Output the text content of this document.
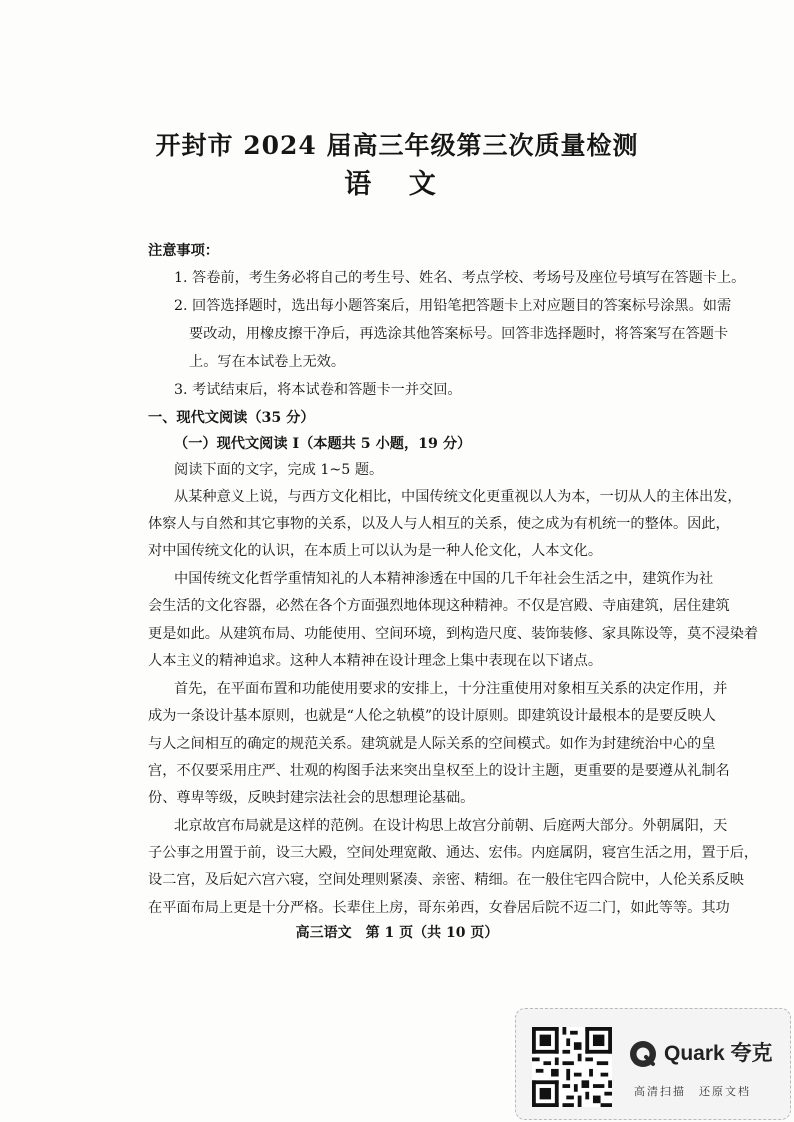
开封市 2024 届高三年级第三次质量检测
语 文
注意事项：
1. 答卷前，考生务必将自己的考生号、姓名、考点学校、考场号及座位号填写在答题卡上。
2. 回答选择题时，选出每小题答案后，用铅笔把答题卡上对应题目的答案标号涂黑。如需
要改动，用橡皮擦干净后，再选涂其他答案标号。回答非选择题时，将答案写在答题卡
上。写在本试卷上无效。
3. 考试结束后，将本试卷和答题卡一并交回。
一、现代文阅读（35 分）
（一）现代文阅读 Ⅰ（本题共 5 小题，19 分）
阅读下面的文字，完成 1~5 题。
从某种意义上说，与西方文化相比，中国传统文化更重视以人为本，一切从人的主体出发，
体察人与自然和其它事物的关系，以及人与人相互的关系，使之成为有机统一的整体。因此，
对中国传统文化的认识，在本质上可以认为是一种人伦文化，人本文化。
中国传统文化哲学重情知礼的人本精神渗透在中国的几千年社会生活之中，建筑作为社
会生活的文化容器，必然在各个方面强烈地体现这种精神。不仅是宫殿、寺庙建筑，居住建筑
更是如此。从建筑布局、功能使用、空间环境，到构造尺度、装饰装修、家具陈设等，莫不浸染着
人本主义的精神追求。这种人本精神在设计理念上集中表现在以下诸点。
首先，在平面布置和功能使用要求的安排上，十分注重使用对象相互关系的决定作用，并
成为一条设计基本原则，也就是“人伦之轨模”的设计原则。即建筑设计最根本的是要反映人
与人之间相互的确定的规范关系。建筑就是人际关系的空间模式。如作为封建统治中心的皇
宫，不仅要采用庄严、壮观的构图手法来突出皇权至上的设计主题，更重要的是要遵从礼制名
份、尊卑等级，反映封建宗法社会的思想理论基础。
北京故宫布局就是这样的范例。在设计构思上故宫分前朝、后庭两大部分。外朝属阳，天
子公事之用置于前，设三大殿，空间处理宽敞、通达、宏伟。内庭属阴，寝宫生活之用，置于后，
设二宫，及后妃六宫六寝，空间处理则紧凑、亲密、精细。在一般住宅四合院中，人伦关系反映
在平面布局上更是十分严格。长辈住上房，哥东弟西，女眷居后院不迈二门，如此等等。其功
高三语文　第 1 页（共 10 页）
Quark 夸克
高清扫描　还原文档
